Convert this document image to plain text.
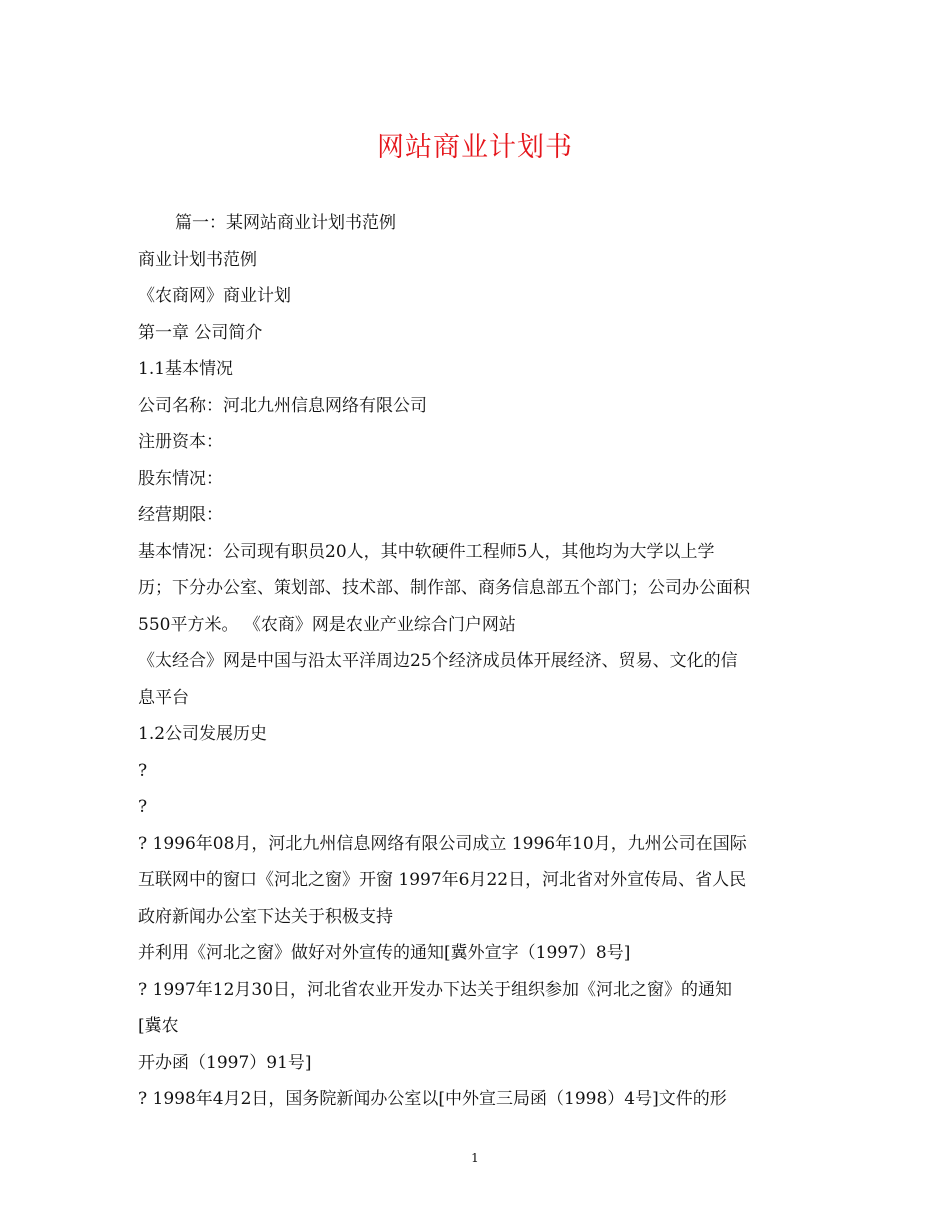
网站商业计划书
篇一：某网站商业计划书范例
商业计划书范例
《农商网》商业计划
第一章 公司简介
1.1基本情况
公司名称：河北九州信息网络有限公司
注册资本：
股东情况：
经营期限：
基本情况：公司现有职员20人，其中软硬件工程师5人，其他均为大学以上学
历；下分办公室、策划部、技术部、制作部、商务信息部五个部门；公司办公面积
550平方米。 《农商》网是农业产业综合门户网站
《太经合》网是中国与沿太平洋周边25个经济成员体开展经济、贸易、文化的信
息平台
1.2公司发展历史
?
?
? 1996年08月，河北九州信息网络有限公司成立 1996年10月，九州公司在国际
互联网中的窗口《河北之窗》开窗 1997年6月22日，河北省对外宣传局、省人民
政府新闻办公室下达关于积极支持
并利用《河北之窗》做好对外宣传的通知[冀外宣字（1997）8号]
? 1997年12月30日，河北省农业开发办下达关于组织参加《河北之窗》的通知
[冀农
开办函（1997）91号]
? 1998年4月2日，国务院新闻办公室以[中外宣三局函（1998）4号]文件的形
1
